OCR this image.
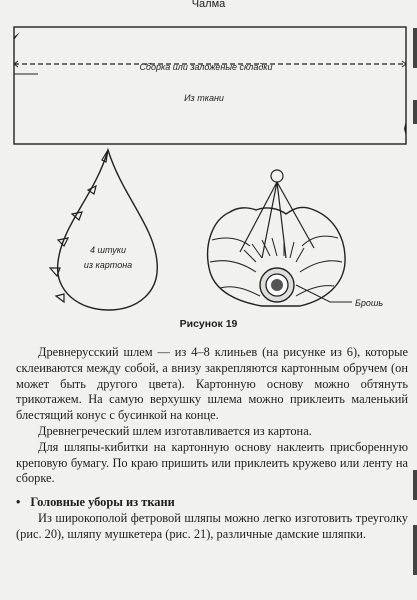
Чалма
Сборка или заложеные складки
Из ткани
4 штуки
из картона
Брошь
Рисунок 19

Древнерусский шлем — из 4–8 клиньев (на рисунке из 6), которые склеиваются между собой, а внизу закрепляются картонным обручем (он может быть другого цвета). Картонную основу можно обтянуть трикотажем. На самую верхушку шлема можно приклеить маленький блестящий конус с бусинкой на конце.

Древнегреческий шлем изготавливается из картона.

Для шляпы-кибитки на картонную основу наклеить присборенную креповую бумагу. По краю пришить или приклеить кружево или ленту на сборке.

• Головные уборы из ткани

Из широкополой фетровой шляпы можно легко изготовить треуголку (рис. 20), шляпу мушкетера (рис. 21), различные дамские шляпки.
